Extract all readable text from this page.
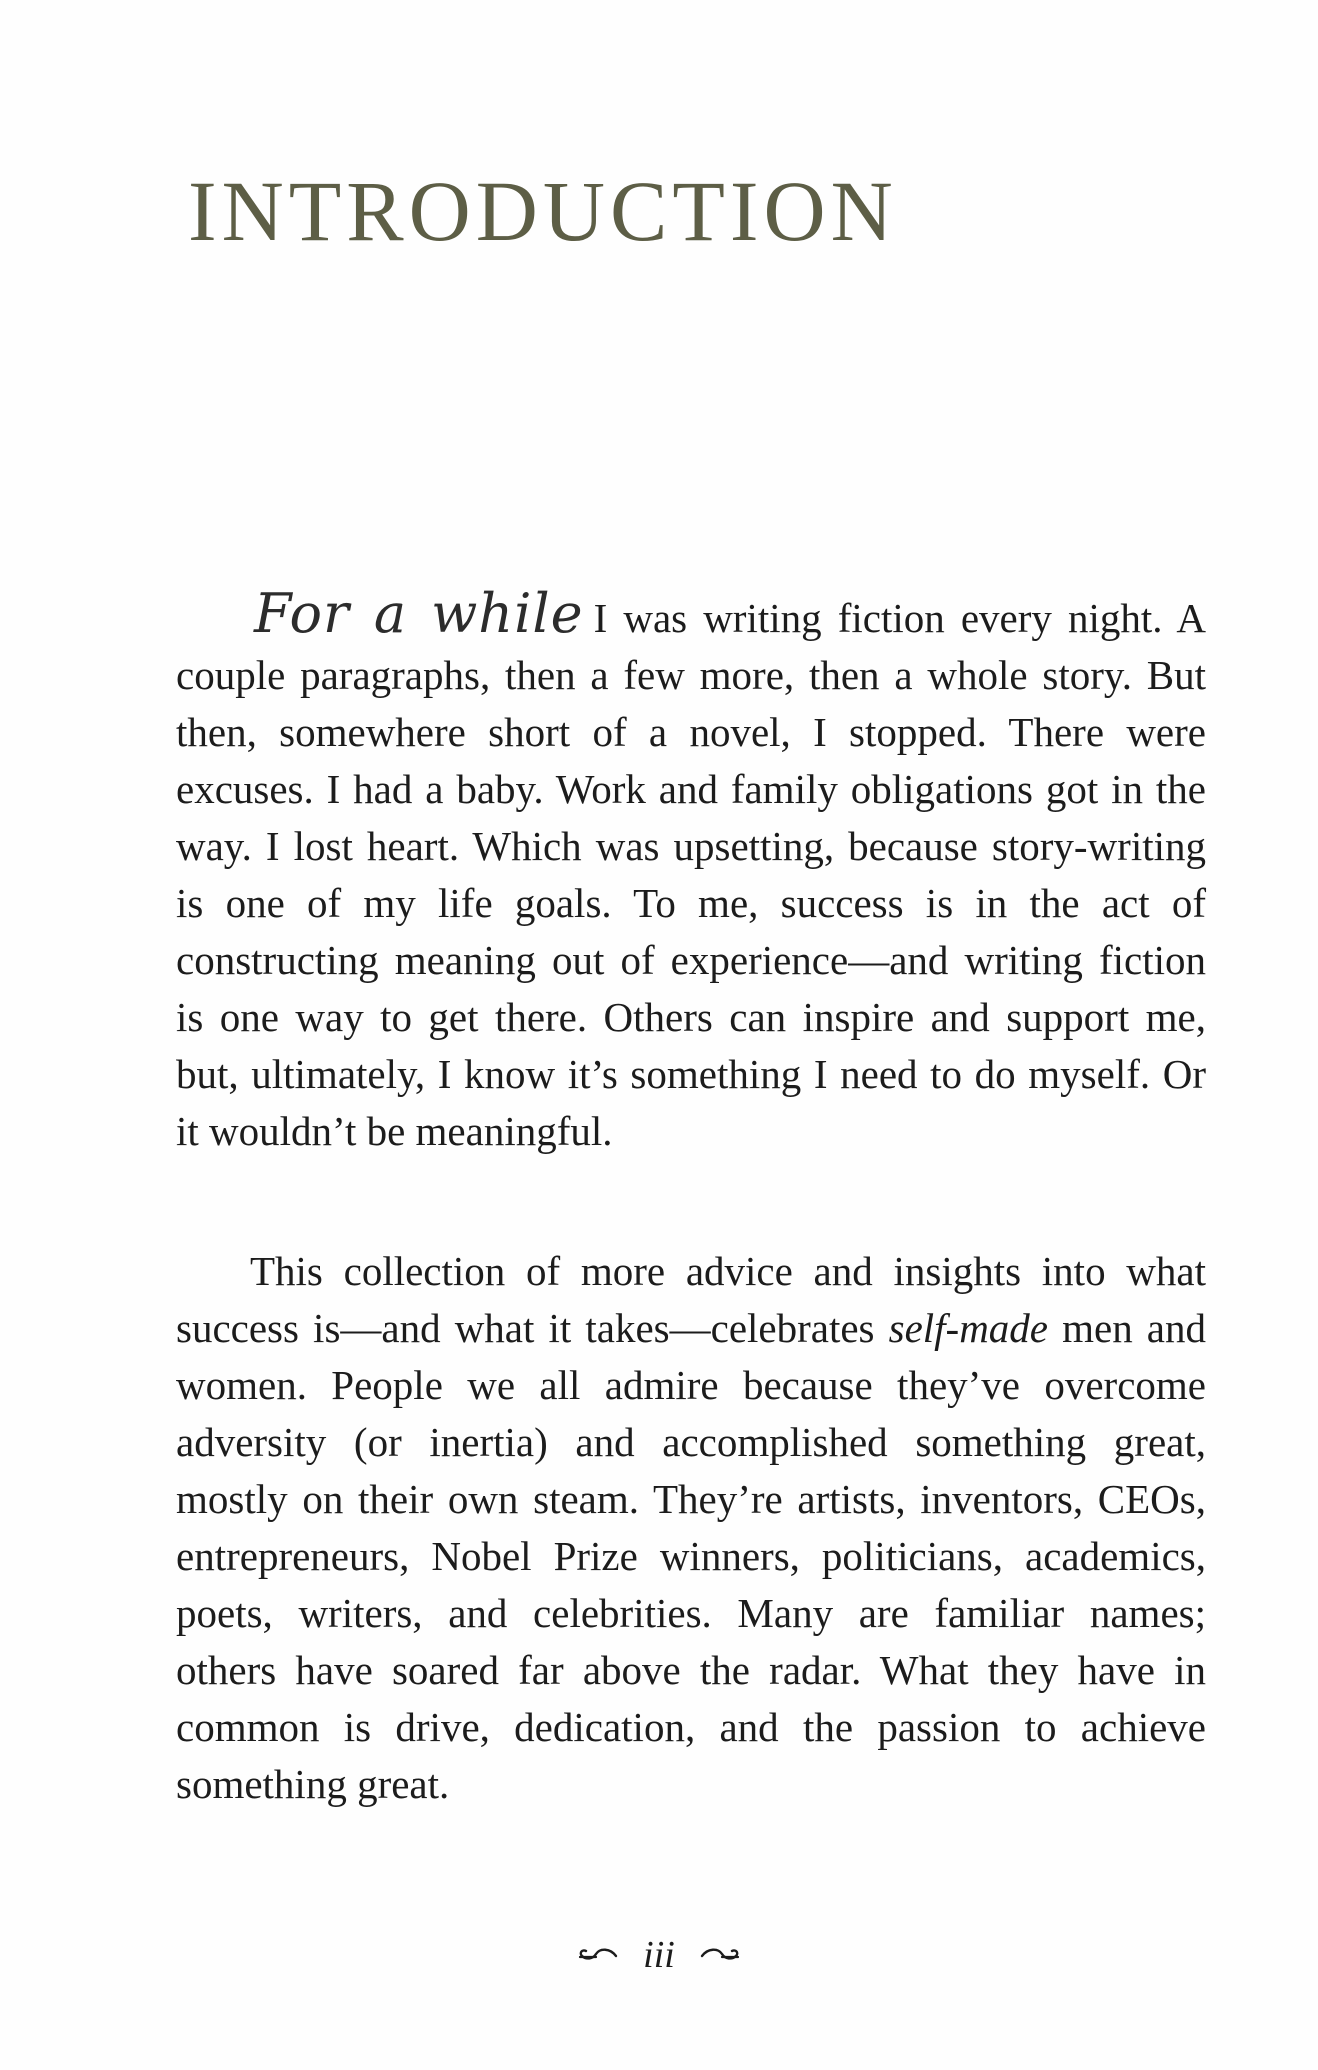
INTRODUCTION

For a while I was writing fiction every night. A couple paragraphs, then a few more, then a whole story. But then, somewhere short of a novel, I stopped. There were excuses. I had a baby. Work and family obligations got in the way. I lost heart. Which was upsetting, because story-writing is one of my life goals. To me, success is in the act of constructing meaning out of experience—and writing fiction is one way to get there. Others can inspire and support me, but, ultimately, I know it’s something I need to do myself. Or it wouldn’t be meaningful.

This collection of more advice and insights into what success is—and what it takes—celebrates self-made men and women. People we all admire because they’ve overcome adversity (or inertia) and accomplished something great, mostly on their own steam. They’re artists, inventors, CEOs, entrepreneurs, Nobel Prize winners, politicians, academics, poets, writers, and celebrities. Many are familiar names; others have soared far above the radar. What they have in common is drive, dedication, and the passion to achieve something great.

iii
